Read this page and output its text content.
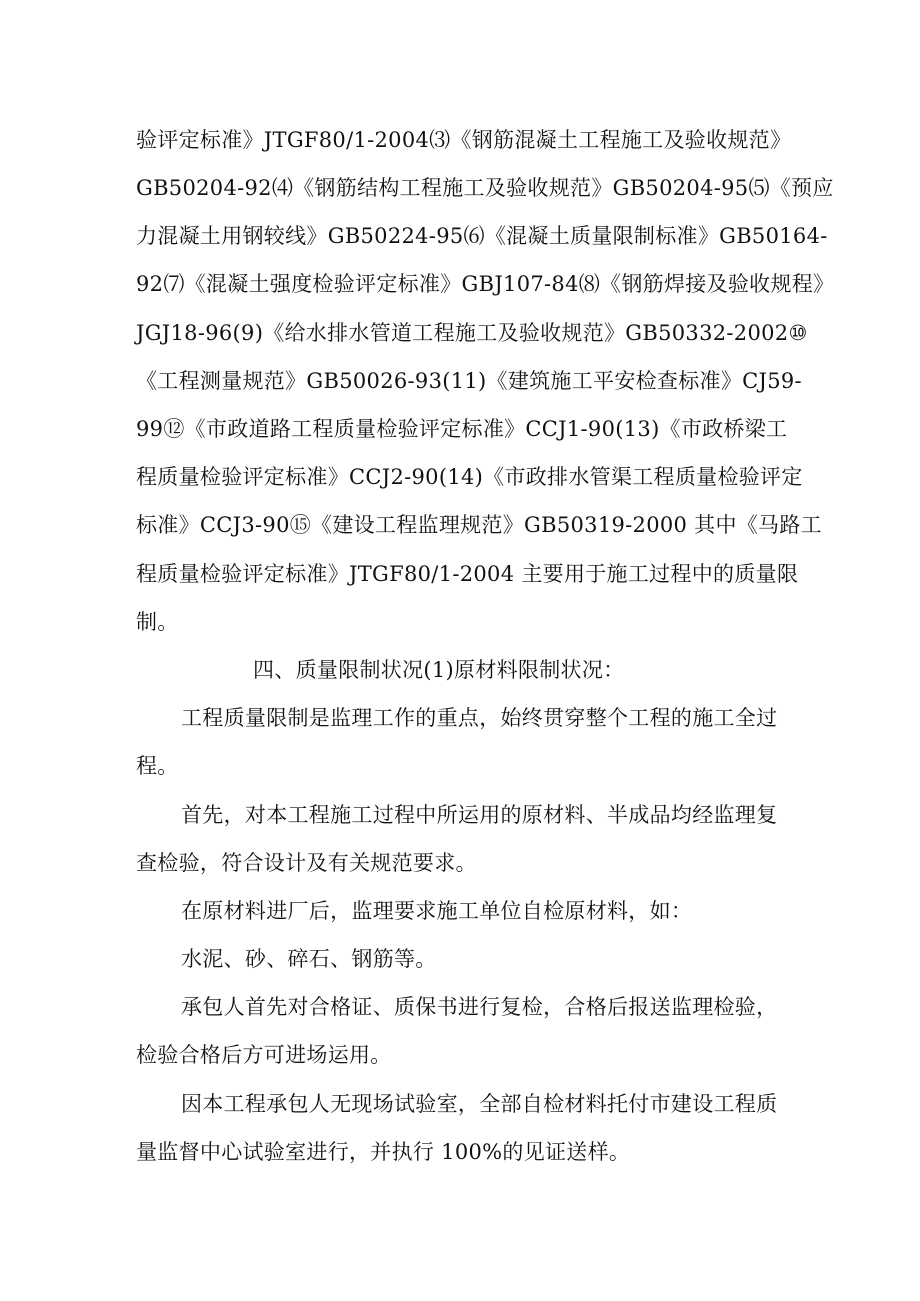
验评定标准》JTGF80/1-2004⑶《钢筋混凝土工程施工及验收规范》
GB50204-92⑷《钢筋结构工程施工及验收规范》GB50204-95⑸《预应
力混凝土用钢较线》GB50224-95⑹《混凝土质量限制标准》GB50164-
92⑺《混凝土强度检验评定标准》GBJ107-84⑻《钢筋焊接及验收规程》
JGJ18-96(9)《给水排水管道工程施工及验收规范》GB50332-2002⑩
《工程测量规范》GB50026-93(11)《建筑施工平安检查标准》CJ59-
99⑫《市政道路工程质量检验评定标准》CCJ1-90(13)《市政桥梁工
程质量检验评定标准》CCJ2-90(14)《市政排水管渠工程质量检验评定
标准》CCJ3-90⑮《建设工程监理规范》GB50319-2000 其中《马路工
程质量检验评定标准》JTGF80/1-2004 主要用于施工过程中的质量限
制。
四、质量限制状况(1)原材料限制状况：
工程质量限制是监理工作的重点，始终贯穿整个工程的施工全过
程。
首先，对本工程施工过程中所运用的原材料、半成品均经监理复
查检验，符合设计及有关规范要求。
在原材料进厂后，监理要求施工单位自检原材料，如：
水泥、砂、碎石、钢筋等。
承包人首先对合格证、质保书进行复检，合格后报送监理检验，
检验合格后方可进场运用。
因本工程承包人无现场试验室，全部自检材料托付市建设工程质
量监督中心试验室进行，并执行 100%的见证送样。
